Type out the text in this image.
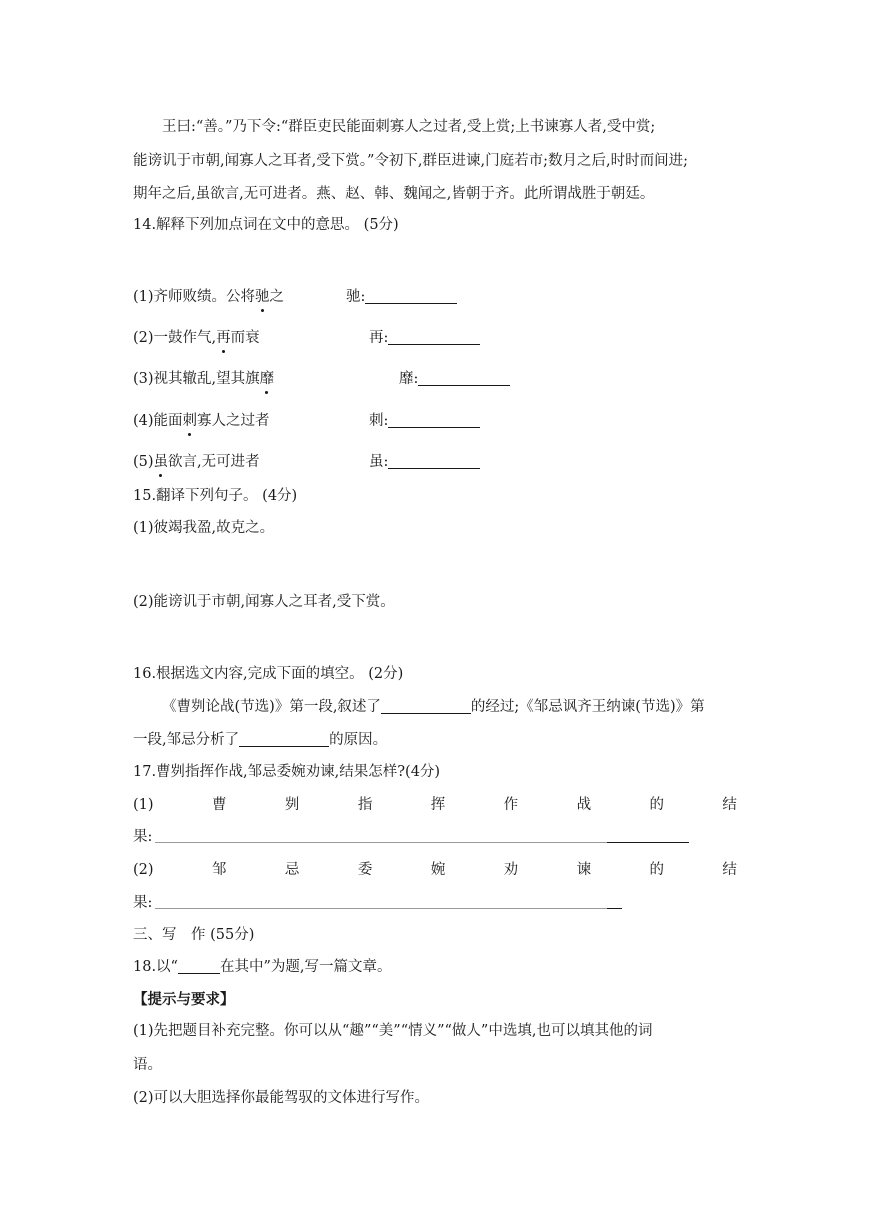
王曰:“善。”乃下令:“群臣吏民能面刺寡人之过者,受上赏;上书谏寡人者,受中赏;
能谤讥于市朝,闻寡人之耳者,受下赏。”令初下,群臣进谏,门庭若市;数月之后,时时而间进;
期年之后,虽欲言,无可进者。燕、赵、韩、魏闻之,皆朝于齐。此所谓战胜于朝廷。
14.解释下列加点词在文中的意思。 (5分)
(1)齐师败绩。公将驰之	驰:
(2)一鼓作气,再而衰	再:
(3)视其辙乱,望其旗靡	靡:
(4)能面刺寡人之过者	刺:
(5)虽欲言,无可进者	虽:
15.翻译下列句子。 (4分)
(1)彼竭我盈,故克之。
(2)能谤讥于市朝,闻寡人之耳者,受下赏。
16.根据选文内容,完成下面的填空。 (2分)
《曹刿论战(节选)》第一段,叙述了	的经过;《邹忌讽齐王纳谏(节选)》第
一段,邹忌分析了	的原因。
17.曹刿指挥作战,邹忌委婉劝谏,结果怎样?(4分)
(1)	曹	刿	指	挥	作	战	的	结
果:
(2)	邹	忌	委	婉	劝	谏	的	结
果:
三、写　作 (55分)
18.以“	在其中”为题,写一篇文章。
【提示与要求】
(1)先把题目补充完整。你可以从“趣”“美”“情义”“做人”中选填,也可以填其他的词
语。
(2)可以大胆选择你最能驾驭的文体进行写作。
